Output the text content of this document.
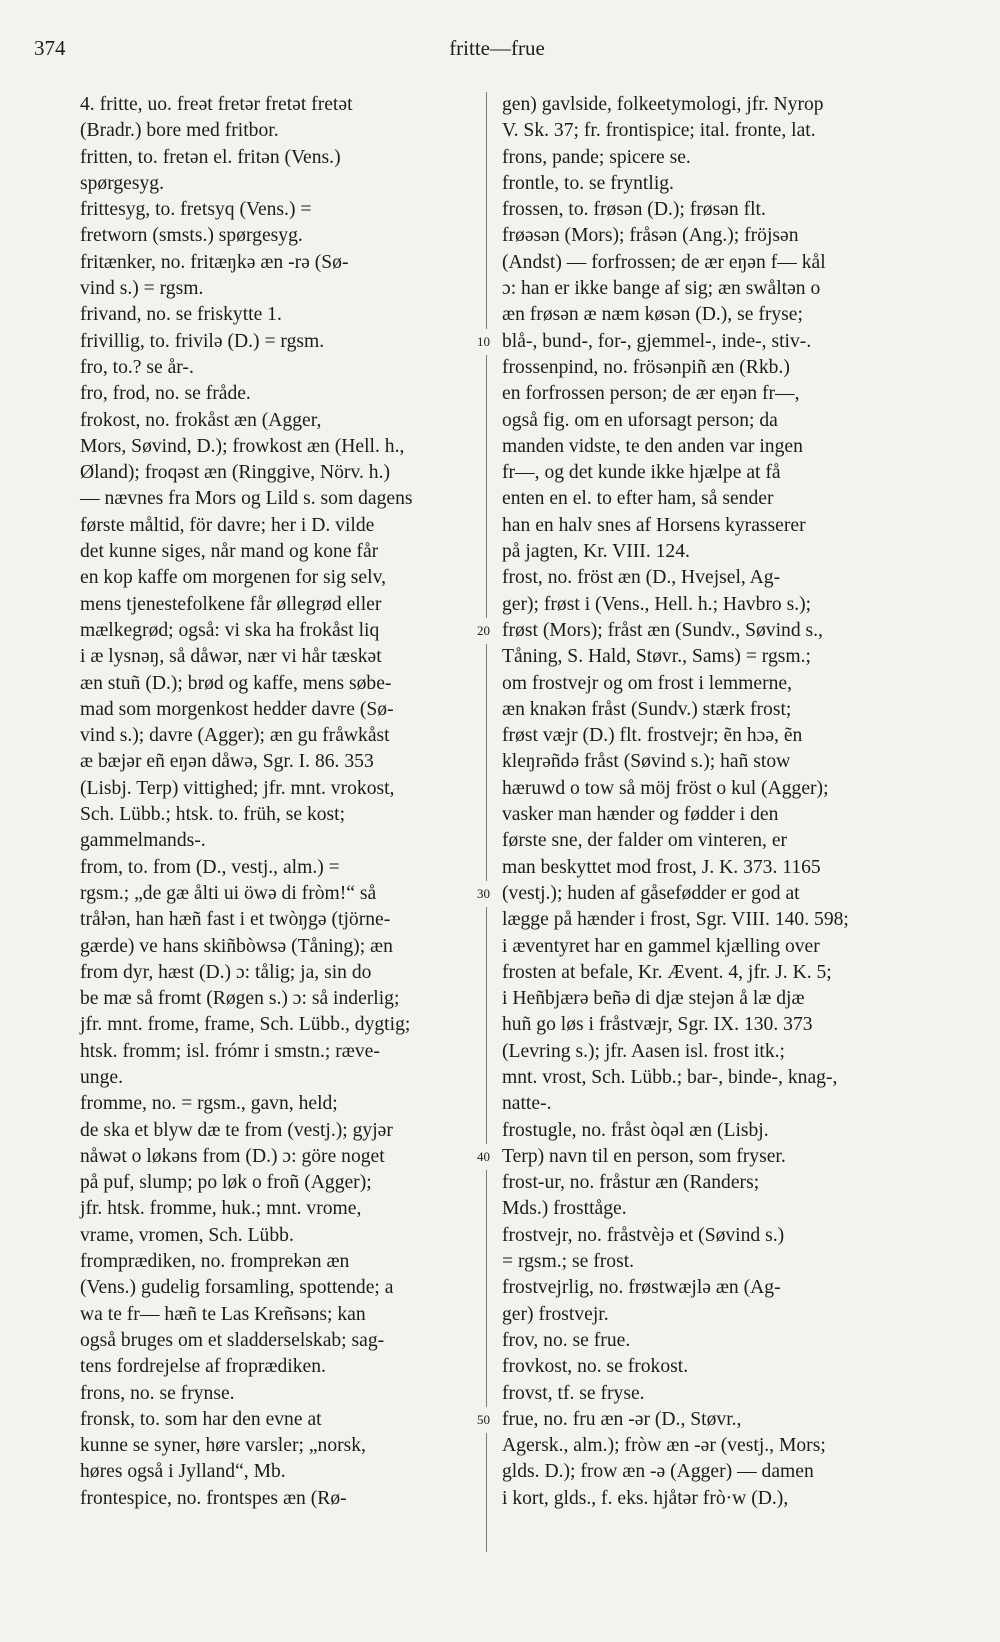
374	fritte—frue
4. fritte, uo. freət fretər fretət fretət
(Bradr.) bore med fritbor.
fritten, to. fretən el. fritən (Vens.)
spørgesyg.
frittesyg, to. fretsyq (Vens.) =
fretworn (smsts.) spørgesyg.
fritænker, no. fritæŋkə æn -rə (Sø-
vind s.) = rgsm.
frivand, no. se friskytte 1.
frivillig, to. frivilə (D.) = rgsm.
fro, to.? se år-.
fro, frod, no. se fråde.
frokost, no. frokåst æn (Agger,
Mors, Søvind, D.); frowkost æn (Hell. h.,
Øland); froqəst æn (Ringgive, Nörv. h.)
— nævnes fra Mors og Lild s. som dagens
første måltid, för davre; her i D. vilde
det kunne siges, når mand og kone får
en kop kaffe om morgenen for sig selv,
mens tjenestefolkene får øllegrød eller
mælkegrød; også: vi ska ha frokåst liq
i æ lysnəŋ, så dåwər, nær vi hår tæskət
æn stuñ (D.); brød og kaffe, mens søbe-
mad som morgenkost hedder davre (Sø-
vind s.); davre (Agger); æn gu fråwkåst
æ bæjər eñ eŋən dåwə, Sgr. I. 86. 353
(Lisbj. Terp) vittighed; jfr. mnt. vrokost,
Sch. Lübb.; htsk. to. früh, se kost;
gammelmands-.
from, to. from (D., vestj., alm.) =
rgsm.; „de gæ ålti ui öwə di fròm!“ så
tråŀən, han hæñ fast i et twòŋgə (tjörne-
gærde) ve hans skiñbòwsə (Tåning); æn
from dyr, hæst (D.) ɔ: tålig; ja, sin do
be mæ så fromt (Røgen s.) ɔ: så inderlig;
jfr. mnt. frome, frame, Sch. Lübb., dygtig;
htsk. fromm; isl. frómr i smstn.; ræve-
unge.
fromme, no. = rgsm., gavn, held;
de ska et blyw dæ te from (vestj.); gyjər
nåwət o løkəns from (D.) ɔ: göre noget
på puf, slump; po løk o froñ (Agger);
jfr. htsk. fromme, huk.; mnt. vrome,
vrame, vromen, Sch. Lübb.
fromprædiken, no. fromprekən æn
(Vens.) gudelig forsamling, spottende; a
wa te fr— hæñ te Las Kreñsəns; kan
også bruges om et sladderselskab; sag-
tens fordrejelse af froprædiken.
frons, no. se frynse.
fronsk, to. som har den evne at
kunne se syner, høre varsler; „norsk,
høres også i Jylland“, Mb.
frontespice, no. frontspes æn (Rø-
gen) gavlside, folkeetymologi, jfr. Nyrop
V. Sk. 37; fr. frontispice; ital. fronte, lat.
frons, pande; spicere se.
frontle, to. se fryntlig.
frossen, to. frøsən (D.); frøsən flt.
frøəsən (Mors); fråsən (Ang.); fröjsən
(Andst) — forfrossen; de ær eŋən f— kål
ɔ: han er ikke bange af sig; æn swåltən o
æn frøsən æ næm køsən (D.), se fryse;
blå-, bund-, for-, gjemmel-, inde-, stiv-.
frossenpind, no. frösənpiñ æn (Rkb.)
en forfrossen person; de ær eŋən fr—,
også fig. om en uforsagt person; da
manden vidste, te den anden var ingen
fr—, og det kunde ikke hjælpe at få
enten en el. to efter ham, så sender
han en halv snes af Horsens kyrasserer
på jagten, Kr. VIII. 124.
frost, no. fröst æn (D., Hvejsel, Ag-
ger); frøst i (Vens., Hell. h.; Havbro s.);
frøst (Mors); fråst æn (Sundv., Søvind s.,
Tåning, S. Hald, Støvr., Sams) = rgsm.;
om frostvejr og om frost i lemmerne,
æn knakən fråst (Sundv.) stærk frost;
frøst væjr (D.) flt. frostvejr; ẽn hɔə, ẽn
kleŋrəñdə fråst (Søvind s.); hañ stow
hæruwd o tow så möj fröst o kul (Agger);
vasker man hænder og fødder i den
første sne, der falder om vinteren, er
man beskyttet mod frost, J. K. 373. 1165
(vestj.); huden af gåsefødder er god at
lægge på hænder i frost, Sgr. VIII. 140. 598;
i æventyret har en gammel kjælling over
frosten at befale, Kr. Ævent. 4, jfr. J. K. 5;
i Heñbjærə beñə di djæ stejən å læ djæ
huñ go løs i fråstvæjr, Sgr. IX. 130. 373
(Levring s.); jfr. Aasen isl. frost itk.;
mnt. vrost, Sch. Lübb.; bar-, binde-, knag-,
natte-.
frostugle, no. fråst òqəl æn (Lisbj.
Terp) navn til en person, som fryser.
frost-ur, no. fråstur æn (Randers;
Mds.) frosttåge.
frostvejr, no. fråstvèjə et (Søvind s.)
= rgsm.; se frost.
frostvejrlig, no. frøstwæjlə æn (Ag-
ger) frostvejr.
frov, no. se frue.
frovkost, no. se frokost.
frovst, tf. se fryse.
frue, no. fru æn -ər (D., Støvr.,
Agersk., alm.); fròw æn -ər (vestj., Mors;
glds. D.); frow æn -ə (Agger) — damen
i kort, glds., f. eks. hjåtər frò·w (D.),
10
20
30
40
50
